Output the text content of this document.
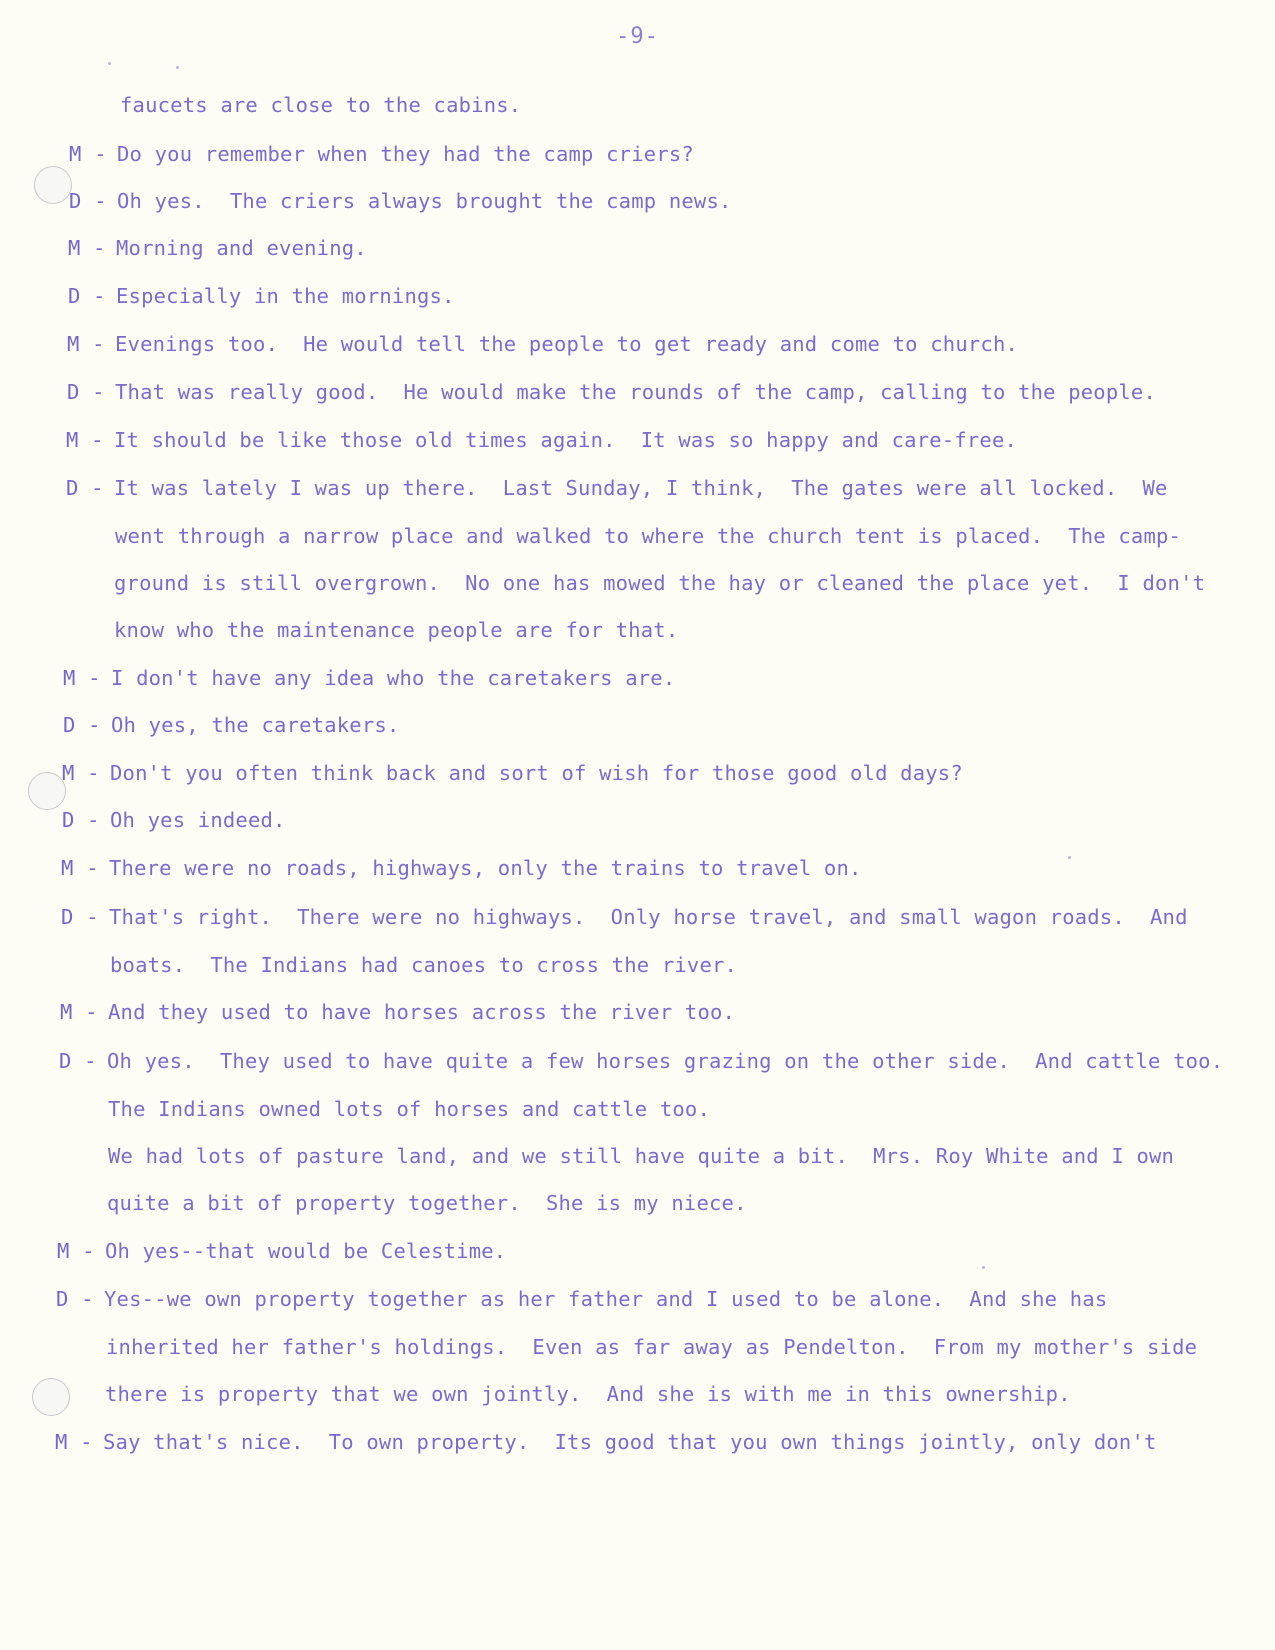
-9-
faucets are close to the cabins.
M - Do you remember when they had the camp criers?
D - Oh yes.  The criers always brought the camp news.
M - Morning and evening.
D - Especially in the mornings.
M - Evenings too.  He would tell the people to get ready and come to church.
D - That was really good.  He would make the rounds of the camp, calling to the people.
M - It should be like those old times again.  It was so happy and care-free.
D - It was lately I was up there.  Last Sunday, I think,  The gates were all locked.  We
went through a narrow place and walked to where the church tent is placed.  The camp-
ground is still overgrown.  No one has mowed the hay or cleaned the place yet.  I don't
know who the maintenance people are for that.
M - I don't have any idea who the caretakers are.
D - Oh yes, the caretakers.
M - Don't you often think back and sort of wish for those good old days?
D - Oh yes indeed.
M - There were no roads, highways, only the trains to travel on.
D - That's right.  There were no highways.  Only horse travel, and small wagon roads.  And
boats.  The Indians had canoes to cross the river.
M - And they used to have horses across the river too.
D - Oh yes.  They used to have quite a few horses grazing on the other side.  And cattle too.
The Indians owned lots of horses and cattle too.
We had lots of pasture land, and we still have quite a bit.  Mrs. Roy White and I own
quite a bit of property together.  She is my niece.
M - Oh yes--that would be Celestime.
D - Yes--we own property together as her father and I used to be alone.  And she has
inherited her father's holdings.  Even as far away as Pendelton.  From my mother's side
there is property that we own jointly.  And she is with me in this ownership.
M - Say that's nice.  To own property.  Its good that you own things jointly, only don't
